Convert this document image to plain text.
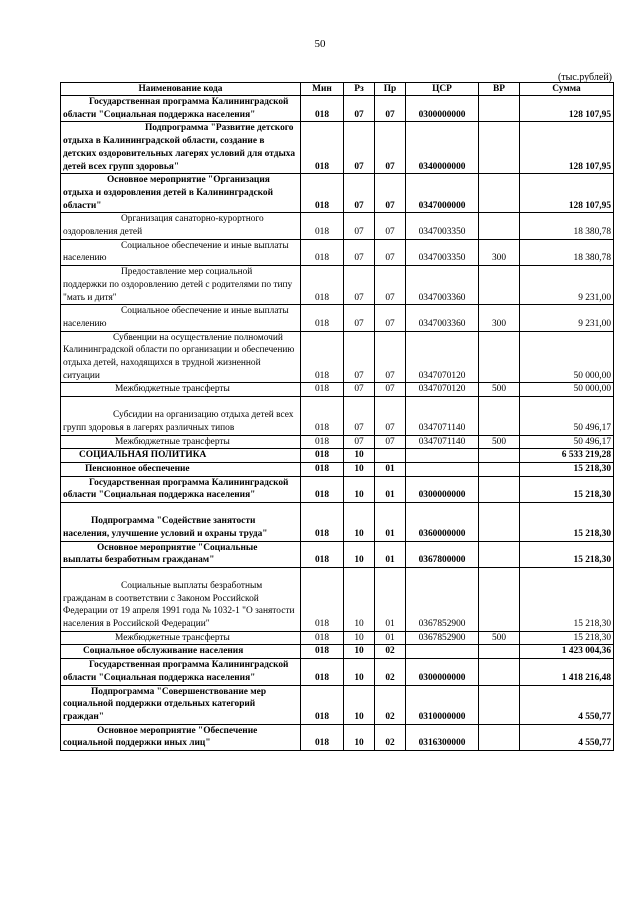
50
(тыс.рублей)
Наименование кода	Мин	Рз	Пр	ЦСР	ВР	Сумма
Государственная программа Калининградской области "Социальная поддержка населения"	018	07	07	0300000000		128 107,95
Подпрограмма "Развитие детского отдыха в Калининградской области, создание в детских оздоровительных лагерях условий для отдыха детей всех групп здоровья"	018	07	07	0340000000		128 107,95
Основное мероприятие "Организация отдыха и оздоровления детей в Калининградской области"	018	07	07	0347000000		128 107,95
Организация санаторно-курортного оздоровления детей	018	07	07	0347003350		18 380,78
Социальное обеспечение и иные выплаты населению	018	07	07	0347003350	300	18 380,78
Предоставление мер социальной поддержки по оздоровлению детей с родителями по типу "мать и дитя"	018	07	07	0347003360		9 231,00
Социальное обеспечение и иные выплаты населению	018	07	07	0347003360	300	9 231,00
Субвенции на осуществление полномочий Калининградской области по организации и обеспечению отдыха детей, находящихся в трудной жизненной ситуации	018	07	07	0347070120		50 000,00
Межбюджетные трансферты	018	07	07	0347070120	500	50 000,00
Субсидии на организацию отдыха детей всех групп здоровья в лагерях различных типов	018	07	07	0347071140		50 496,17
Межбюджетные трансферты	018	07	07	0347071140	500	50 496,17
СОЦИАЛЬНАЯ ПОЛИТИКА	018	10				6 533 219,28
Пенсионное обеспечение	018	10	01			15 218,30
Государственная программа Калининградской области "Социальная поддержка населения"	018	10	01	0300000000		15 218,30
Подпрограмма "Содействие занятости населения, улучшение условий и охраны труда"	018	10	01	0360000000		15 218,30
Основное мероприятие "Социальные выплаты безработным гражданам"	018	10	01	0367800000		15 218,30
Социальные выплаты безработным гражданам в соответствии с Законом Российской Федерации от 19 апреля 1991 года № 1032-1 "О занятости населения в Российской Федерации"	018	10	01	0367852900		15 218,30
Межбюджетные трансферты	018	10	01	0367852900	500	15 218,30
Социальное обслуживание населения	018	10	02			1 423 004,36
Государственная программа Калининградской области "Социальная поддержка населения"	018	10	02	0300000000		1 418 216,48
Подпрограмма "Совершенствование мер социальной поддержки отдельных категорий граждан"	018	10	02	0310000000		4 550,77
Основное мероприятие "Обеспечение социальной поддержки иных лиц"	018	10	02	0316300000		4 550,77
